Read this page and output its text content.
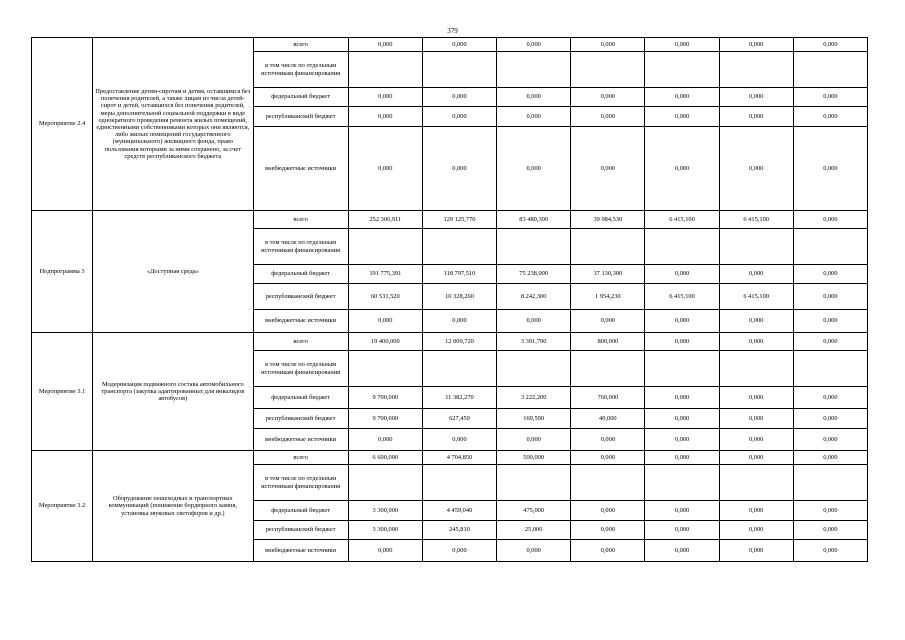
379
Мероприятие 2.4	Предоставление детям-сиротам и детям, оставшимся без попечения родителей, а также лицам из числа детей-сирот и детей, оставшихся без попечения родителей, меры дополнительной социальной поддержки в виде однократного проведения ремонта жилых помещений, единственными собственниками которых они являются, либо жилых помещений государственного (муниципального) жилищного фонда, право пользования которыми за ними сохранено, за счет средств республиканского бюджета	всего	0,000	0,000	0,000	0,000	0,000	0,000	0,000
		в том числе по отдельным источникам финансирования							
		федеральный бюджет	0,000	0,000	0,000	0,000	0,000	0,000	0,000
		республиканский бюджет	0,000	0,000	0,000	0,000	0,000	0,000	0,000
		внебюджетные источники	0,000	0,000	0,000	0,000	0,000	0,000	0,000
Подпрограмма 3	«Доступная среда»	всего	252 306,911	129 125,770	83 480,300	39 084,530	6 415,100	6 415,100	0,000
		в том числе по отдельным источникам финансирования							
		федеральный бюджет	191 775,391	118 797,510	75 238,000	37 130,300	0,000	0,000	0,000
		республиканский бюджет	60 531,520	10 328,260	8 242,300	1 954,230	6 415,100	6 415,100	0,000
		внебюджетные источники	0,000	0,000	0,000	0,000	0,000	0,000	0,000
Мероприятие 3.1	Модернизация подвижного состава автомобильного транспорта (закупка адаптированных для инвалидов автобусов)	всего	19 400,000	12 009,720	3 391,790	800,000	0,000	0,000	0,000
		в том числе по отдельным источникам финансирования							
		федеральный бюджет	9 700,000	11 382,270	3 222,200	760,000	0,000	0,000	0,000
		республиканский бюджет	9 700,000	627,450	169,590	40,000	0,000	0,000	0,000
		внебюджетные источники	0,000	0,000	0,000	0,000	0,000	0,000	0,000
Мероприятие 3.2	Оборудование пешеходных и транспортных коммуникаций (понижение бордюрного камня, установка звуковых светофоров и др.)	всего	6 600,000	4 704,850	500,000	0,000	0,000	0,000	0,000
		в том числе по отдельным источникам финансирования							
		федеральный бюджет	3 300,000	4 459,040	475,000	0,000	0,000	0,000	0,000
		республиканский бюджет	3 300,000	245,810	25,000	0,000	0,000	0,000	0,000
		внебюджетные источники	0,000	0,000	0,000	0,000	0,000	0,000	0,000
